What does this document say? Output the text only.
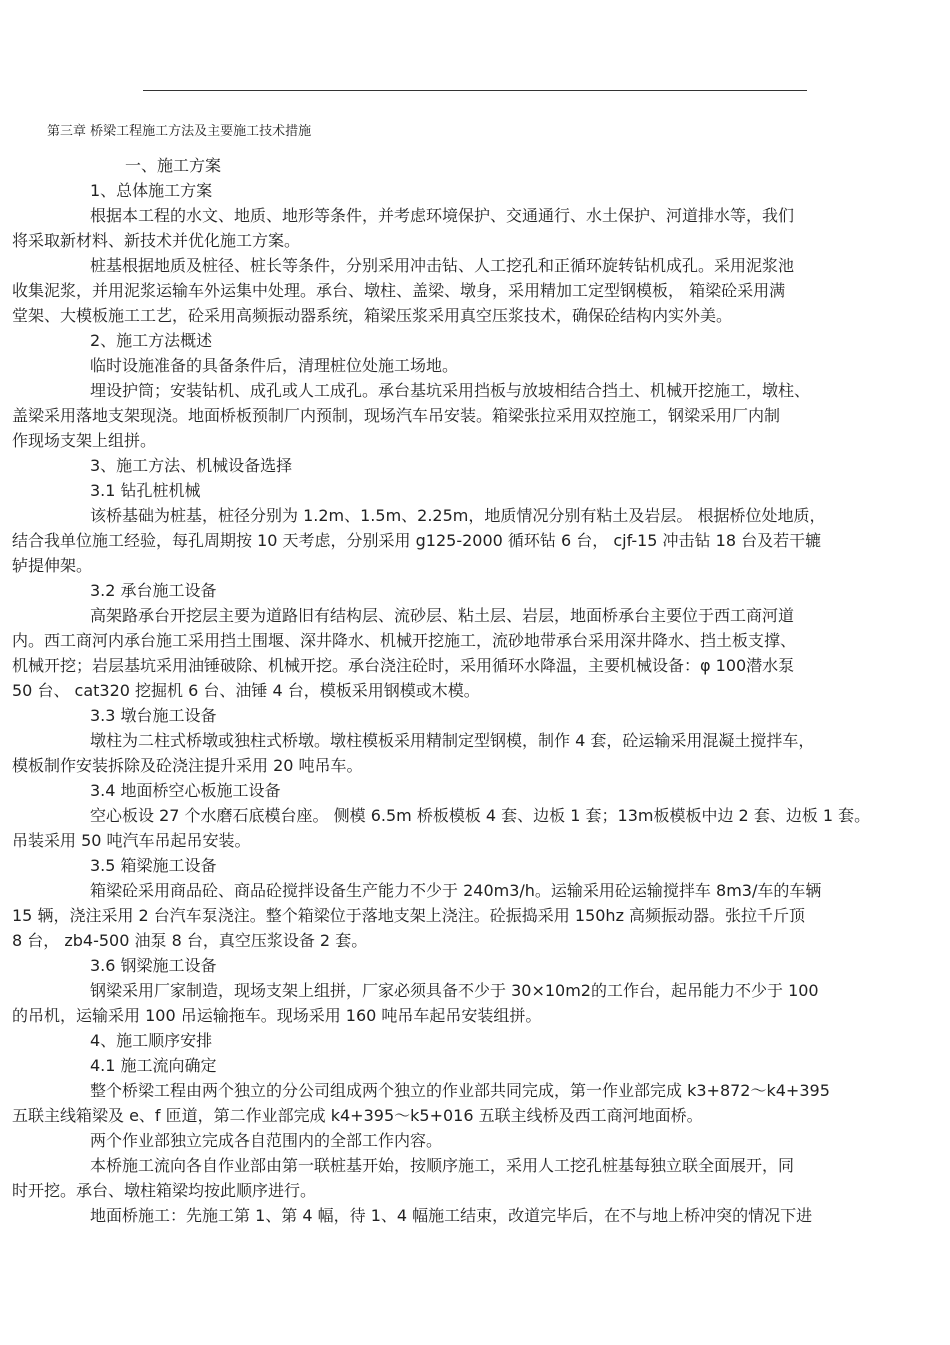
第三章 桥梁工程施工方法及主要施工技术措施
一、施工方案
1、总体施工方案
根据本工程的水文、地质、地形等条件，并考虑环境保护、交通通行、水土保护、河道排水等，我们
将采取新材料、新技术并优化施工方案。
桩基根据地质及桩径、桩长等条件，分别采用冲击钻、人工挖孔和正循环旋转钻机成孔。采用泥浆池
收集泥浆，并用泥浆运输车外运集中处理。承台、墩柱、盖梁、墩身，采用精加工定型钢模板， 箱梁砼采用满
堂架、大模板施工工艺，砼采用高频振动器系统，箱梁压浆采用真空压浆技术，确保砼结构内实外美。
2、施工方法概述
临时设施准备的具备条件后，清理桩位处施工场地。
埋设护筒；安装钻机、成孔或人工成孔。承台基坑采用挡板与放坡相结合挡土、机械开挖施工，墩柱、
盖梁采用落地支架现浇。地面桥板预制厂内预制，现场汽车吊安装。箱梁张拉采用双控施工，钢梁采用厂内制
作现场支架上组拼。
3、施工方法、机械设备选择
3.1 钻孔桩机械
该桥基础为桩基，桩径分别为 1.2m、1.5m、2.25m，地质情况分别有粘土及岩层。 根据桥位处地质，
结合我单位施工经验，每孔周期按 10 天考虑，分别采用 g125-2000 循环钻 6 台， cjf-15 冲击钻 18 台及若干辘
轳提伸架。
3.2 承台施工设备
高架路承台开挖层主要为道路旧有结构层、流砂层、粘土层、岩层，地面桥承台主要位于西工商河道
内。西工商河内承台施工采用挡土围堰、深井降水、机械开挖施工，流砂地带承台采用深井降水、挡土板支撑、
机械开挖；岩层基坑采用油锤破除、机械开挖。承台浇注砼时，采用循环水降温，主要机械设备：φ 100潜水泵
50 台、 cat320 挖掘机 6 台、油锤 4 台，模板采用钢模或木模。
3.3 墩台施工设备
墩柱为二柱式桥墩或独柱式桥墩。墩柱模板采用精制定型钢模，制作 4 套，砼运输采用混凝土搅拌车，
模板制作安装拆除及砼浇注提升采用 20 吨吊车。
3.4 地面桥空心板施工设备
空心板设 27 个水磨石底模台座。 侧模 6.5m 桥板模板 4 套、边板 1 套；13m板模板中边 2 套、边板 1 套。
吊装采用 50 吨汽车吊起吊安装。
3.5 箱梁施工设备
箱梁砼采用商品砼、商品砼搅拌设备生产能力不少于 240m3/h。运输采用砼运输搅拌车 8m3/车的车辆
15 辆，浇注采用 2 台汽车泵浇注。整个箱梁位于落地支架上浇注。砼振捣采用 150hz 高频振动器。张拉千斤顶
8 台， zb4-500 油泵 8 台，真空压浆设备 2 套。
3.6 钢梁施工设备
钢梁采用厂家制造，现场支架上组拼，厂家必须具备不少于 30×10m2的工作台，起吊能力不少于 100
的吊机，运输采用 100 吊运输拖车。现场采用 160 吨吊车起吊安装组拼。
4、施工顺序安排
4.1 施工流向确定
整个桥梁工程由两个独立的分公司组成两个独立的作业部共同完成，第一作业部完成 k3+872～k4+395
五联主线箱梁及 e、f 匝道，第二作业部完成 k4+395～k5+016 五联主线桥及西工商河地面桥。
两个作业部独立完成各自范围内的全部工作内容。
本桥施工流向各自作业部由第一联桩基开始，按顺序施工，采用人工挖孔桩基每独立联全面展开，同
时开挖。承台、墩柱箱梁均按此顺序进行。
地面桥施工：先施工第 1、第 4 幅，待 1、4 幅施工结束，改道完毕后，在不与地上桥冲突的情况下进
